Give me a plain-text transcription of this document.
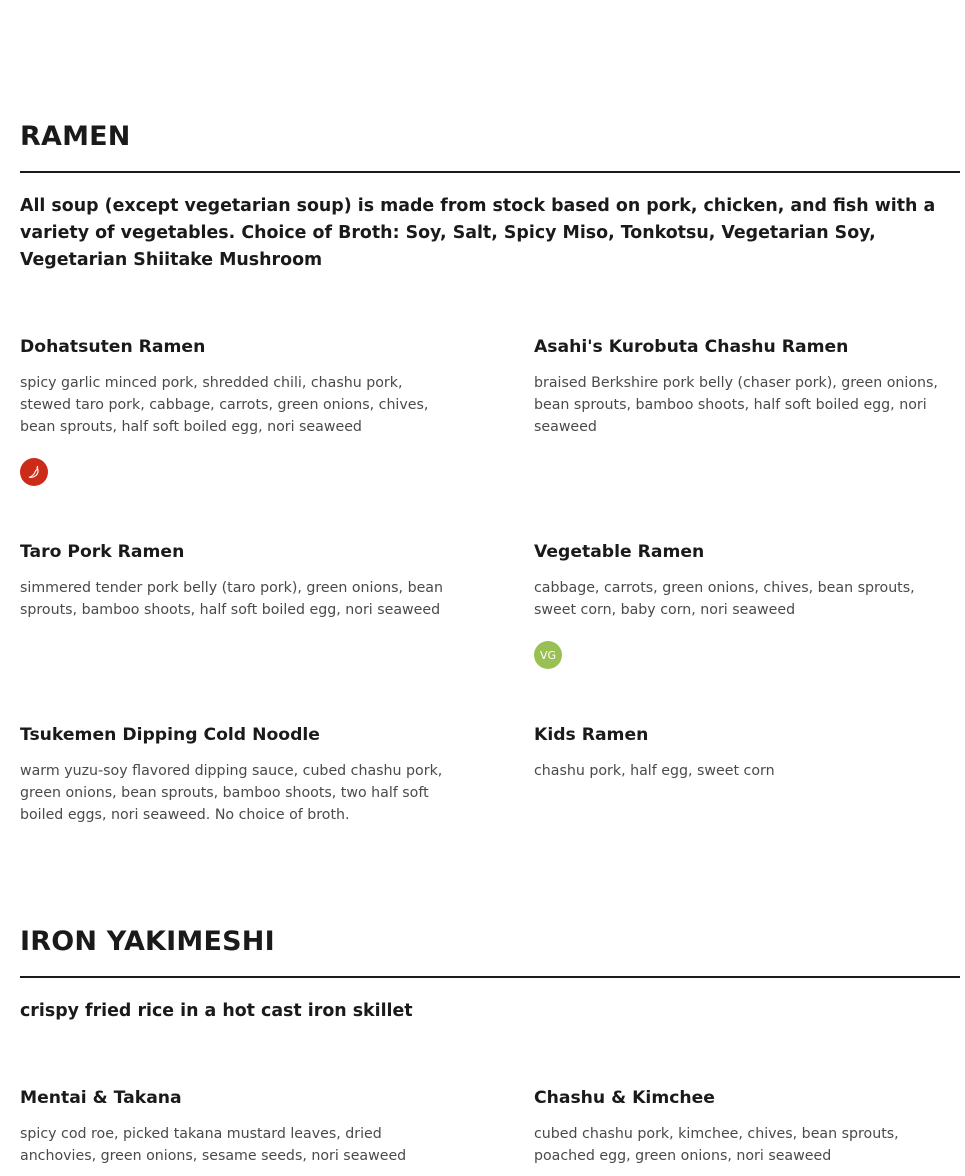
RAMEN

All soup (except vegetarian soup) is made from stock based on pork, chicken, and fish with a variety of vegetables. Choice of Broth: Soy, Salt, Spicy Miso, Tonkotsu, Vegetarian Soy, Vegetarian Shiitake Mushroom

Dohatsuten Ramen

spicy garlic minced pork, shredded chili, chashu pork, stewed taro pork, cabbage, carrots, green onions, chives, bean sprouts, half soft boiled egg, nori seaweed

Asahi's Kurobuta Chashu Ramen

braised Berkshire pork belly (chaser pork), green onions, bean sprouts, bamboo shoots, half soft boiled egg, nori seaweed

Taro Pork Ramen

simmered tender pork belly (taro pork), green onions, bean sprouts, bamboo shoots, half soft boiled egg, nori seaweed

Vegetable Ramen

cabbage, carrots, green onions, chives, bean sprouts, sweet corn, baby corn, nori seaweed

VG
Tsukemen Dipping Cold Noodle

warm yuzu-soy flavored dipping sauce, cubed chashu pork, green onions, bean sprouts, bamboo shoots, two half soft boiled eggs, nori seaweed. No choice of broth.

Kids Ramen

chashu pork, half egg, sweet corn

IRON YAKIMESHI

crispy fried rice in a hot cast iron skillet

Mentai & Takana

spicy cod roe, picked takana mustard leaves, dried anchovies, green onions, sesame seeds, nori seaweed

Chashu & Kimchee

cubed chashu pork, kimchee, chives, bean sprouts, poached egg, green onions, nori seaweed
